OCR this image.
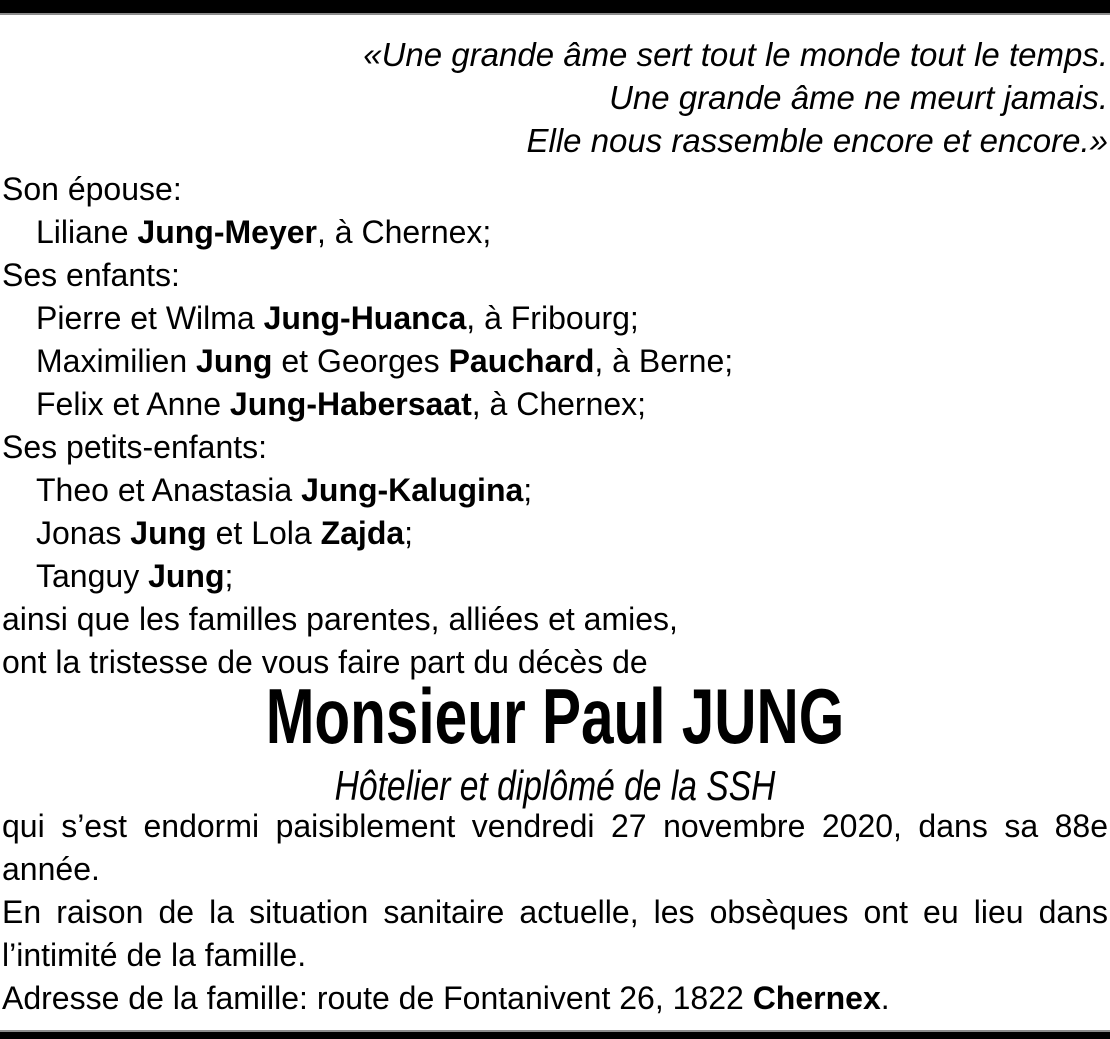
«Une grande âme sert tout le monde tout le temps.
Une grande âme ne meurt jamais.
Elle nous rassemble encore et encore.»
Son épouse:
Liliane Jung-Meyer, à Chernex;
Ses enfants:
Pierre et Wilma Jung-Huanca, à Fribourg;
Maximilien Jung et Georges Pauchard, à Berne;
Felix et Anne Jung-Habersaat, à Chernex;
Ses petits-enfants:
Theo et Anastasia Jung-Kalugina;
Jonas Jung et Lola Zajda;
Tanguy Jung;
ainsi que les familles parentes, alliées et amies,
ont la tristesse de vous faire part du décès de
Monsieur Paul JUNG
Hôtelier et diplômé de la SSH
qui s’est endormi paisiblement vendredi 27 novembre 2020, dans sa 88e
année.
En raison de la situation sanitaire actuelle, les obsèques ont eu lieu dans
l’intimité de la famille.
Adresse de la famille: route de Fontanivent 26, 1822 Chernex.
